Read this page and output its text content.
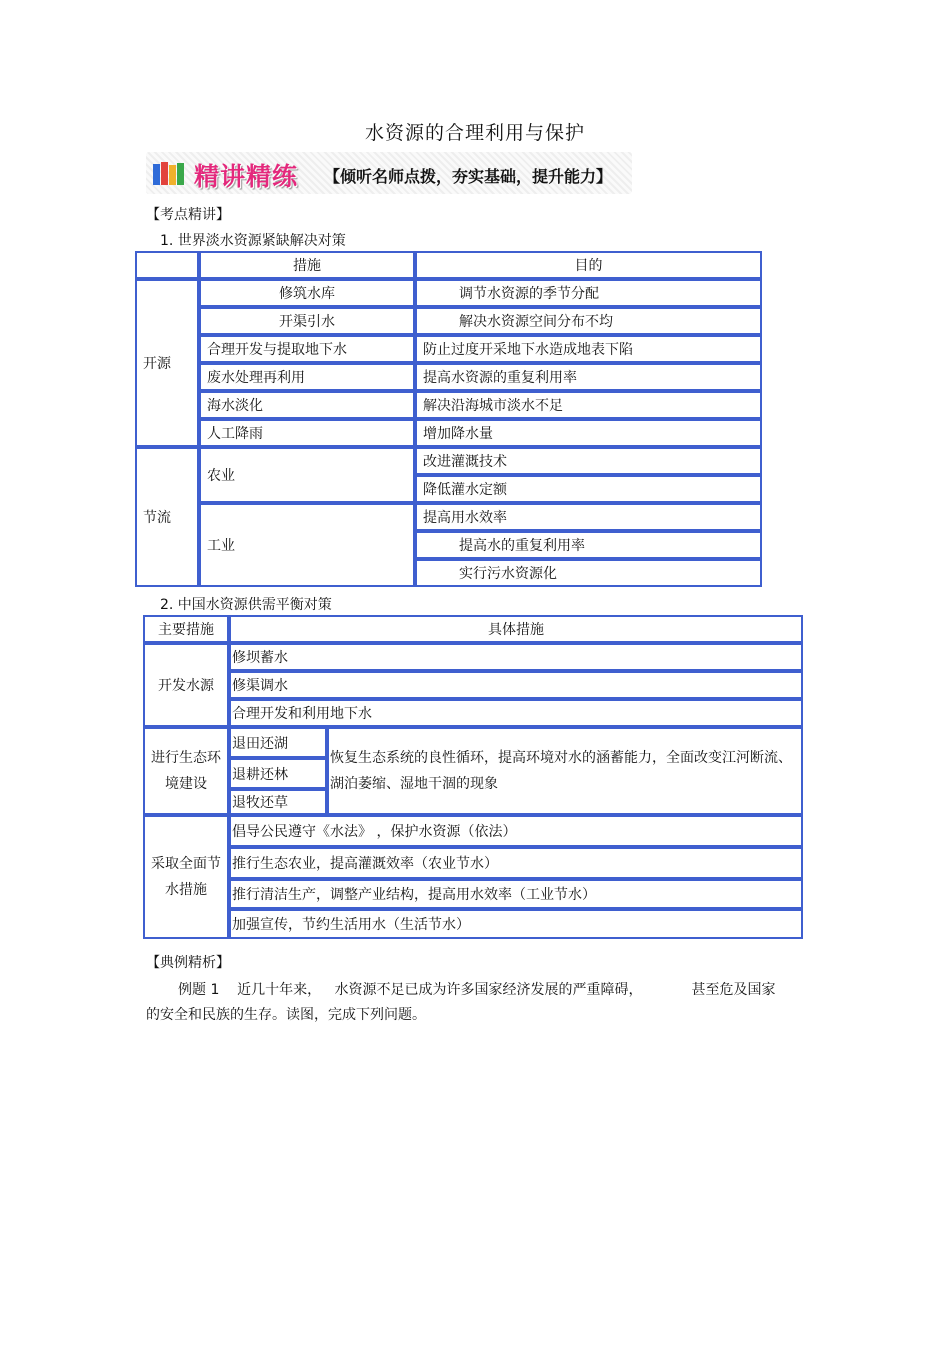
水资源的合理利用与保护
精讲精练 【倾听名师点拨，夯实基础，提升能力】
【考点精讲】
1. 世界淡水资源紧缺解决对策
	措施	目的
开源	修筑水库	调节水资源的季节分配
	开渠引水	解决水资源空间分布不均
	合理开发与提取地下水	防止过度开采地下水造成地表下陷
	废水处理再利用	提高水资源的重复利用率
	海水淡化	解决沿海城市淡水不足
	人工降雨	增加降水量
节流	农业	改进灌溉技术
		降低灌水定额
	工业	提高用水效率
		提高水的重复利用率
		实行污水资源化
2. 中国水资源供需平衡对策
主要措施	具体措施	
开发水源	修坝蓄水	
	修渠调水	
	合理开发和利用地下水	
进行生态环境建设	退田还湖	恢复生态系统的良性循环，提高环境对水的涵蓄能力，全面改变江河断流、湖泊萎缩、湿地干涸的现象
	退耕还林	
	退牧还草	
采取全面节水措施	倡导公民遵守《水法》 ，保护水资源（依法）	
	推行生态农业，提高灌溉效率（农业节水）	
	推行清洁生产，调整产业结构，提高用水效率（工业节水）	
	加强宣传，节约生活用水（生活节水）	
【典例精析】
例题 1    近几十年来，   水资源不足已成为许多国家经济发展的严重障碍，           甚至危及国家
的安全和民族的生存。读图，完成下列问题。
